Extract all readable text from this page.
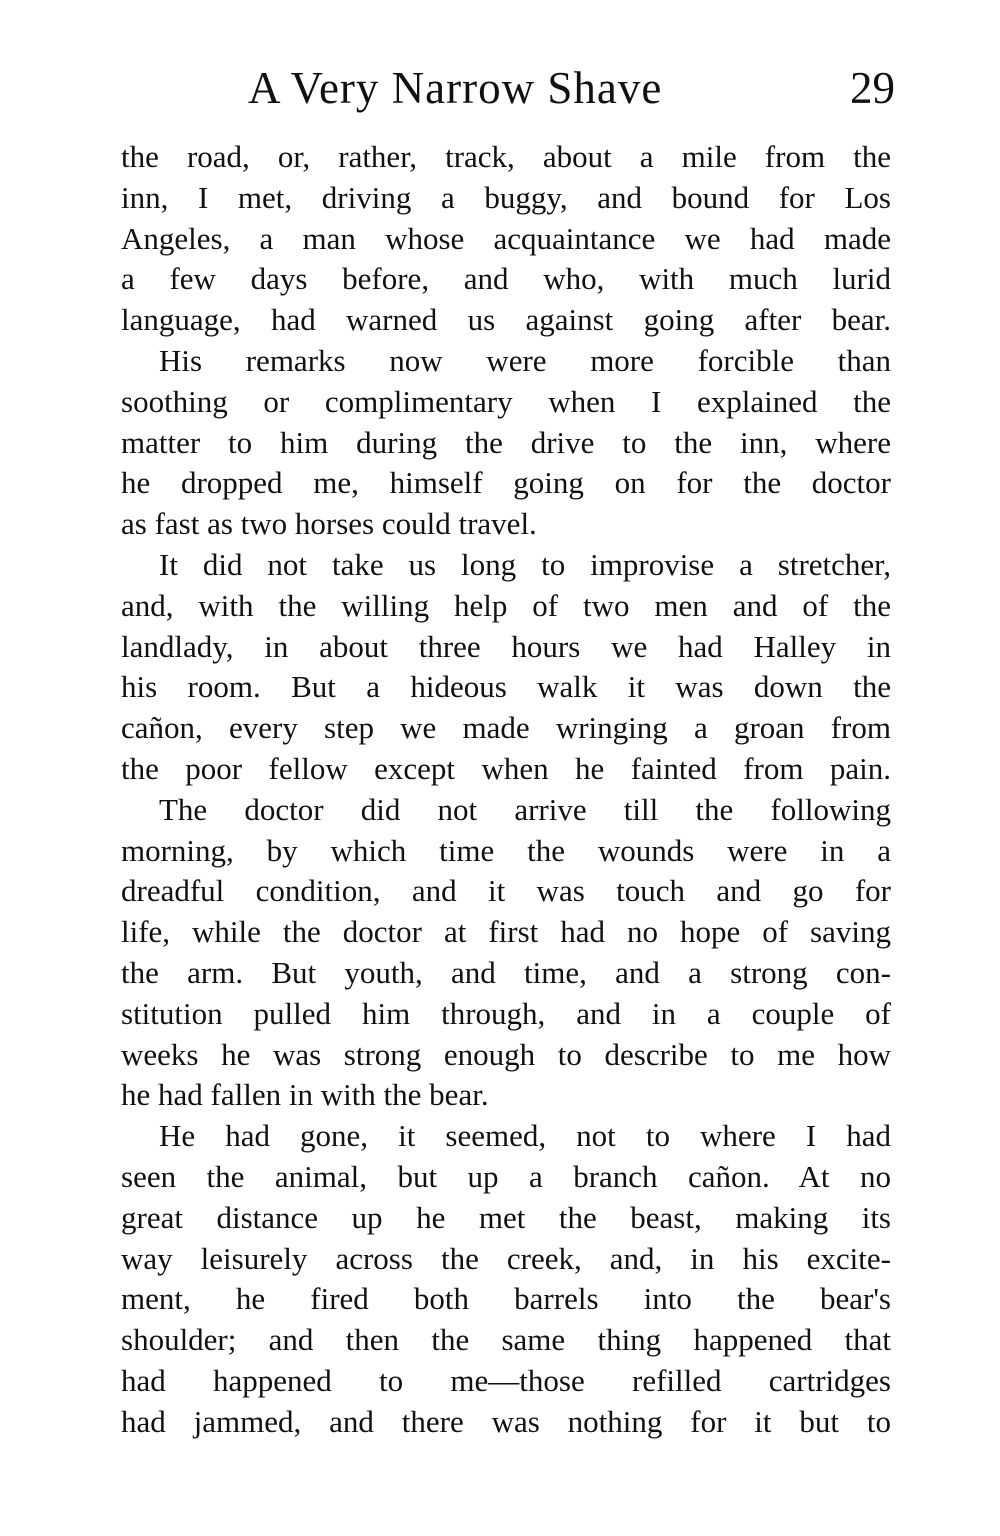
A Very Narrow Shave	29
the road, or, rather, track, about a mile from the
inn, I met, driving a buggy, and bound for Los
Angeles, a man whose acquaintance we had made
a few days before, and who, with much lurid
language, had warned us against going after bear.
His remarks now were more forcible than
soothing or complimentary when I explained the
matter to him during the drive to the inn, where
he dropped me, himself going on for the doctor
as fast as two horses could travel.
It did not take us long to improvise a stretcher,
and, with the willing help of two men and of the
landlady, in about three hours we had Halley in
his room. But a hideous walk it was down the
cañon, every step we made wringing a groan from
the poor fellow except when he fainted from pain.
The doctor did not arrive till the following
morning, by which time the wounds were in a
dreadful condition, and it was touch and go for
life, while the doctor at first had no hope of saving
the arm. But youth, and time, and a strong con-
stitution pulled him through, and in a couple of
weeks he was strong enough to describe to me how
he had fallen in with the bear.
He had gone, it seemed, not to where I had
seen the animal, but up a branch cañon. At no
great distance up he met the beast, making its
way leisurely across the creek, and, in his excite-
ment, he fired both barrels into the bear's
shoulder; and then the same thing happened that
had happened to me—those refilled cartridges
had jammed, and there was nothing for it but to
